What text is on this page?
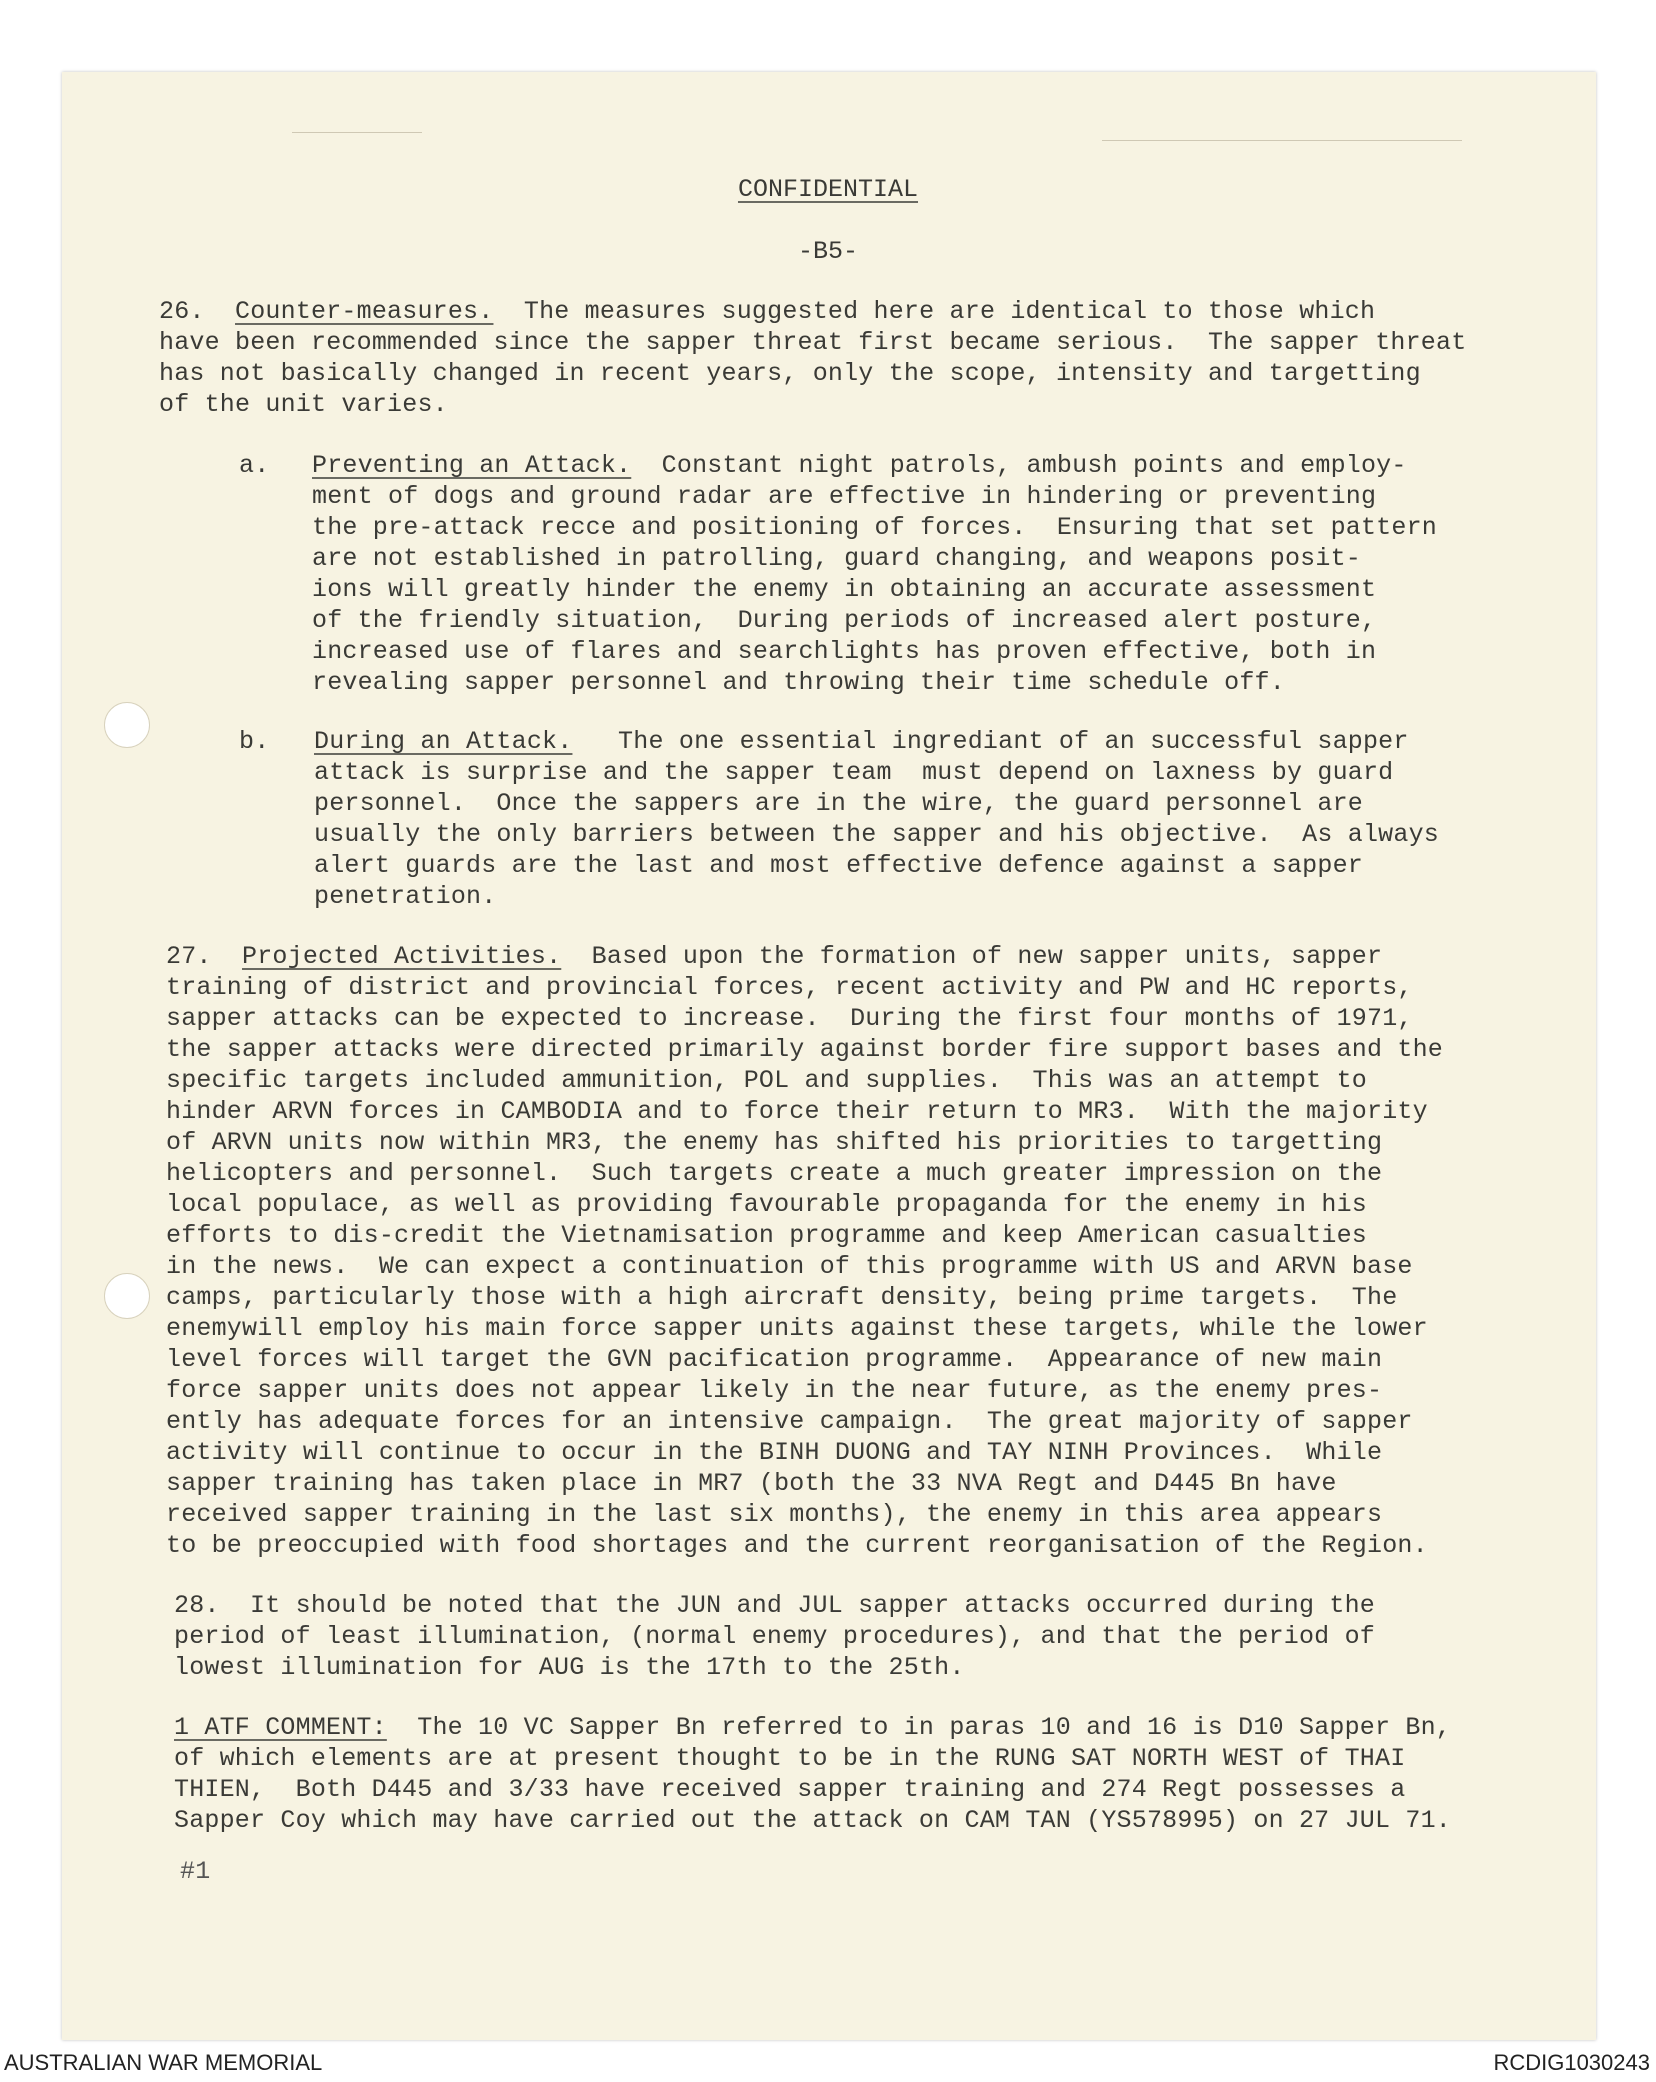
CONFIDENTIAL
-B5-
26. Counter-measures.  The measures suggested here are identical to those which
have been recommended since the sapper threat first became serious.  The sapper threat
has not basically changed in recent years, only the scope, intensity and targetting
of the unit varies.
a. Preventing an Attack.  Constant night patrols, ambush points and employ-
ment of dogs and ground radar are effective in hindering or preventing
the pre-attack recce and positioning of forces.  Ensuring that set pattern
are not established in patrolling, guard changing, and weapons posit-
ions will greatly hinder the enemy in obtaining an accurate assessment
of the friendly situation,  During periods of increased alert posture,
increased use of flares and searchlights has proven effective, both in
revealing sapper personnel and throwing their time schedule off.
b. During an Attack.   The one essential ingrediant of an successful sapper
attack is surprise and the sapper team  must depend on laxness by guard
personnel.  Once the sappers are in the wire, the guard personnel are
usually the only barriers between the sapper and his objective.  As always
alert guards are the last and most effective defence against a sapper
penetration.
27. Projected Activities.  Based upon the formation of new sapper units, sapper
training of district and provincial forces, recent activity and PW and HC reports,
sapper attacks can be expected to increase.  During the first four months of 1971,
the sapper attacks were directed primarily against border fire support bases and the
specific targets included ammunition, POL and supplies.  This was an attempt to
hinder ARVN forces in CAMBODIA and to force their return to MR3.  With the majority
of ARVN units now within MR3, the enemy has shifted his priorities to targetting
helicopters and personnel.  Such targets create a much greater impression on the
local populace, as well as providing favourable propaganda for the enemy in his
efforts to dis-credit the Vietnamisation programme and keep American casualties
in the news.  We can expect a continuation of this programme with US and ARVN base
camps, particularly those with a high aircraft density, being prime targets.  The
enemywill employ his main force sapper units against these targets, while the lower
level forces will target the GVN pacification programme.  Appearance of new main
force sapper units does not appear likely in the near future, as the enemy pres-
ently has adequate forces for an intensive campaign.  The great majority of sapper
activity will continue to occur in the BINH DUONG and TAY NINH Provinces.  While
sapper training has taken place in MR7 (both the 33 NVA Regt and D445 Bn have
received sapper training in the last six months), the enemy in this area appears
to be preoccupied with food shortages and the current reorganisation of the Region.
28.  It should be noted that the JUN and JUL sapper attacks occurred during the
period of least illumination, (normal enemy procedures), and that the period of
lowest illumination for AUG is the 17th to the 25th.
1 ATF COMMENT:  The 10 VC Sapper Bn referred to in paras 10 and 16 is D10 Sapper Bn,
of which elements are at present thought to be in the RUNG SAT NORTH WEST of THAI
THIEN,  Both D445 and 3/33 have received sapper training and 274 Regt possesses a
Sapper Coy which may have carried out the attack on CAM TAN (YS578995) on 27 JUL 71.
#1
AUSTRALIAN WAR MEMORIAL	RCDIG1030243
